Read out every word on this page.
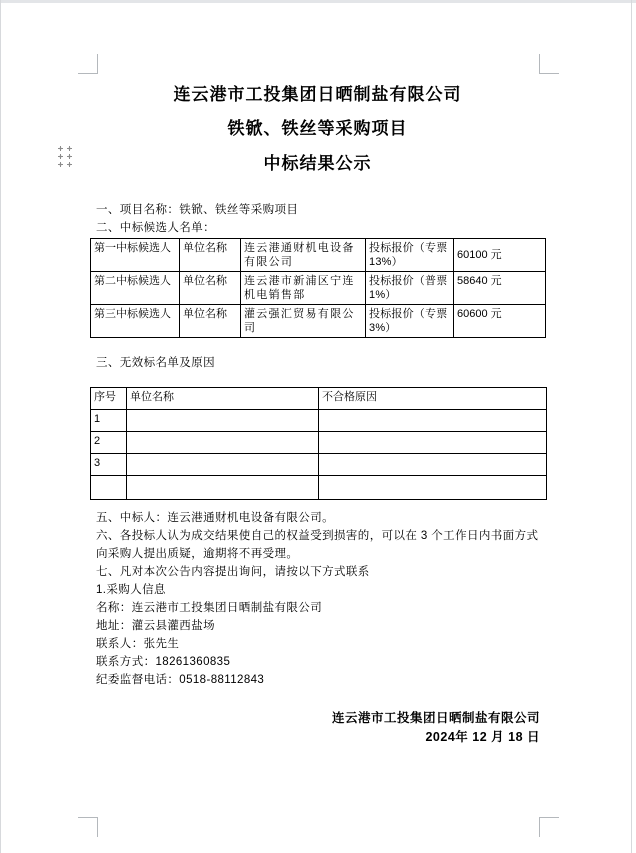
连云港市工投集团日晒制盐有限公司
铁锨、铁丝等采购项目
中标结果公示
一、项目名称：铁锨、铁丝等采购项目
二、中标候选人名单：
第一中标候选人	单位名称	连云港通财机电设备有限公司	投标报价（专票13%）	60100 元
第二中标候选人	单位名称	连云港市新浦区宁连机电销售部	投标报价（普票1%）	58640 元
第三中标候选人	单位名称	灌云强汇贸易有限公司	投标报价（专票3%）	60600 元
三、无效标名单及原因
序号	单位名称	不合格原因
1		
2		
3		

五、中标人：连云港通财机电设备有限公司。
六、各投标人认为成交结果使自己的权益受到损害的，可以在 3 个工作日内书面方式向采购人提出质疑，逾期将不再受理。
七、凡对本次公告内容提出询问，请按以下方式联系
1.采购人信息
名称：连云港市工投集团日晒制盐有限公司
地址：灌云县灌西盐场
联系人：张先生
联系方式：18261360835
纪委监督电话：0518-88112843
连云港市工投集团日晒制盐有限公司
2024年 12 月 18 日
